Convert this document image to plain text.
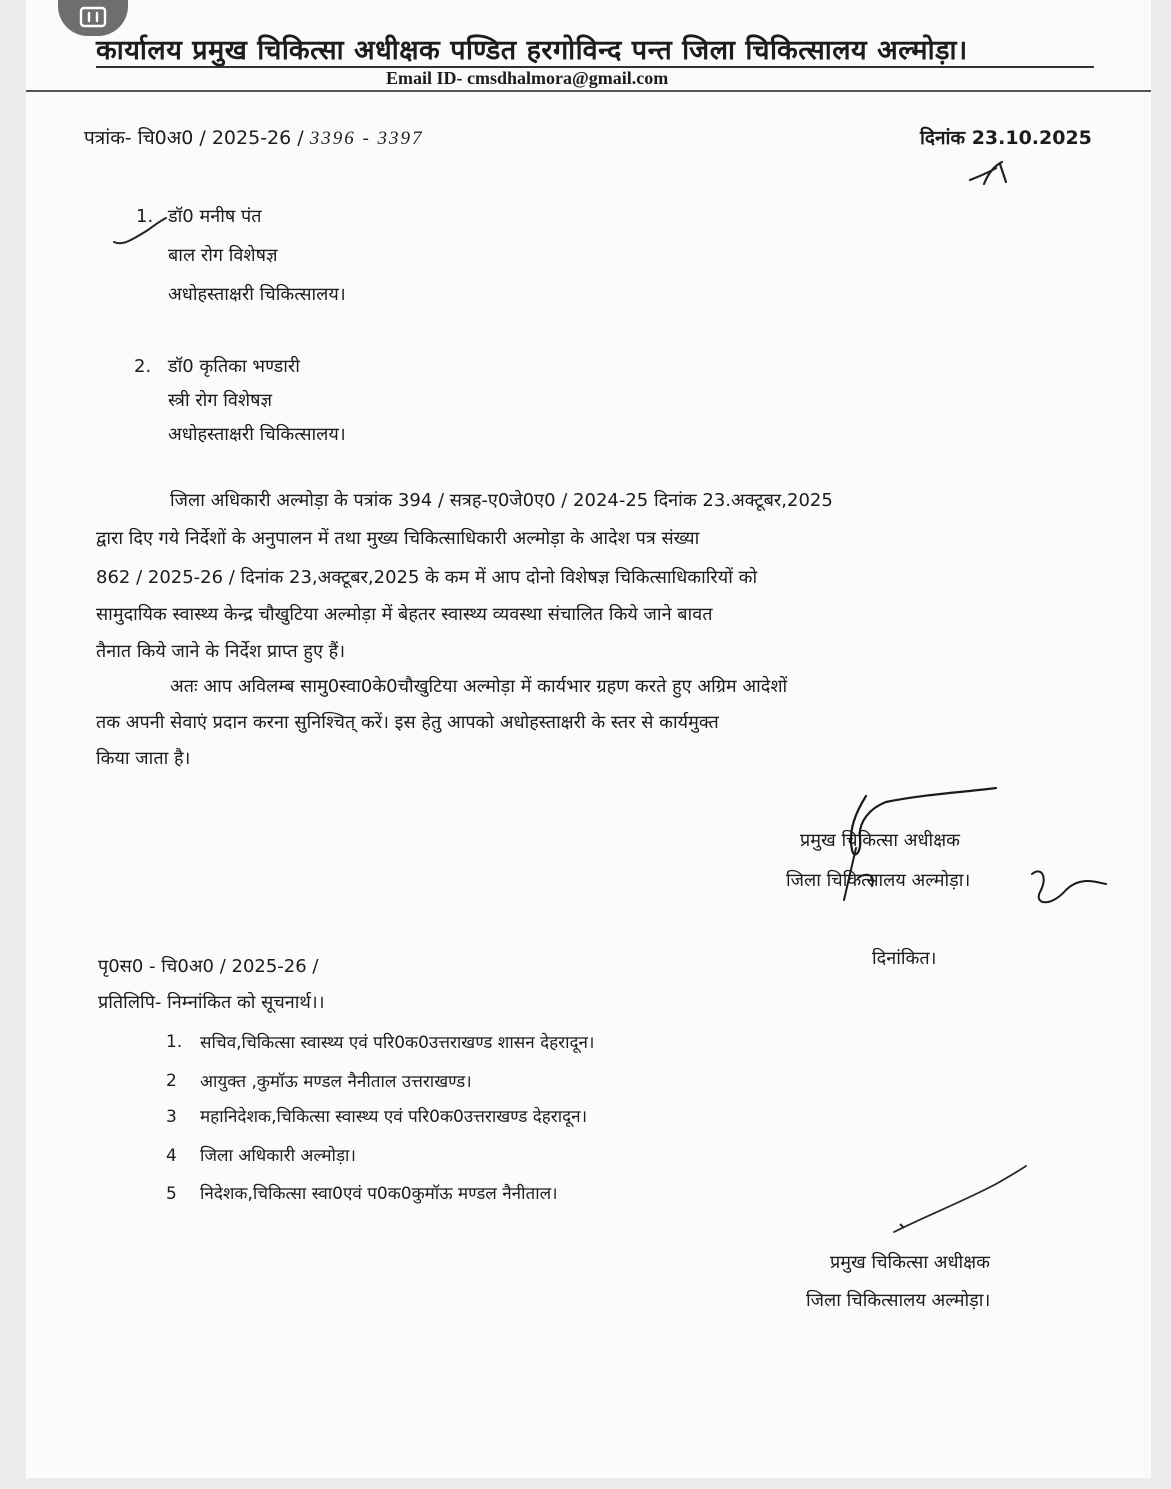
कार्यालय प्रमुख चिकित्सा अधीक्षक पण्डित हरगोविन्द पन्त जिला चिकित्सालय अल्मोड़ा।
Email ID- cmsdhalmora@gmail.com
पत्रांक- चि0अ0 / 2025-26 / 3396 - 3397	दिनांक 23.10.2025
1. डॉ0 मनीष पंत
बाल रोग विशेषज्ञ
अधोहस्ताक्षरी चिकित्सालय।
2. डॉ0 कृतिका भण्डारी
स्त्री रोग विशेषज्ञ
अधोहस्ताक्षरी चिकित्सालय।
जिला अधिकारी अल्मोड़ा के पत्रांक 394 / सत्रह-ए0जे0ए0 / 2024-25 दिनांक 23.अक्टूबर,2025
द्वारा दिए गये निर्देशों के अनुपालन में तथा मुख्य चिकित्साधिकारी अल्मोड़ा के आदेश पत्र संख्या
862 / 2025-26 / दिनांक 23,अक्टूबर,2025 के कम में आप दोनो विशेषज्ञ चिकित्साधिकारियों को
सामुदायिक स्वास्थ्य केन्द्र चौखुटिया अल्मोड़ा में बेहतर स्वास्थ्य व्यवस्था संचालित किये जाने बावत
तैनात किये जाने के निर्देश प्राप्त हुए हैं।
अतः आप अविलम्ब सामु0स्वा0के0चौखुटिया अल्मोड़ा में कार्यभार ग्रहण करते हुए अग्रिम आदेशों
तक अपनी सेवाएं प्रदान करना सुनिश्चित् करें। इस हेतु आपको अधोहस्ताक्षरी के स्तर से कार्यमुक्त
किया जाता है।
प्रमुख चिकित्सा अधीक्षक
जिला चिकित्सालय अल्मोड़ा।
पृ0स0 - चि0अ0 / 2025-26 /	दिनांकित।
प्रतिलिपि- निम्नांकित को सूचनार्थ।।
1. सचिव,चिकित्सा स्वास्थ्य एवं परि0क0उत्तराखण्ड शासन देहरादून।
2 आयुक्त ,कुमॉऊ मण्डल नैनीताल उत्तराखण्ड।
3 महानिदेशक,चिकित्सा स्वास्थ्य एवं परि0क0उत्तराखण्ड देहरादून।
4 जिला अधिकारी अल्मोड़ा।
5 निदेशक,चिकित्सा स्वा0एवं प0क0कुमॉऊ मण्डल नैनीताल।
प्रमुख चिकित्सा अधीक्षक
जिला चिकित्सालय अल्मोड़ा।
